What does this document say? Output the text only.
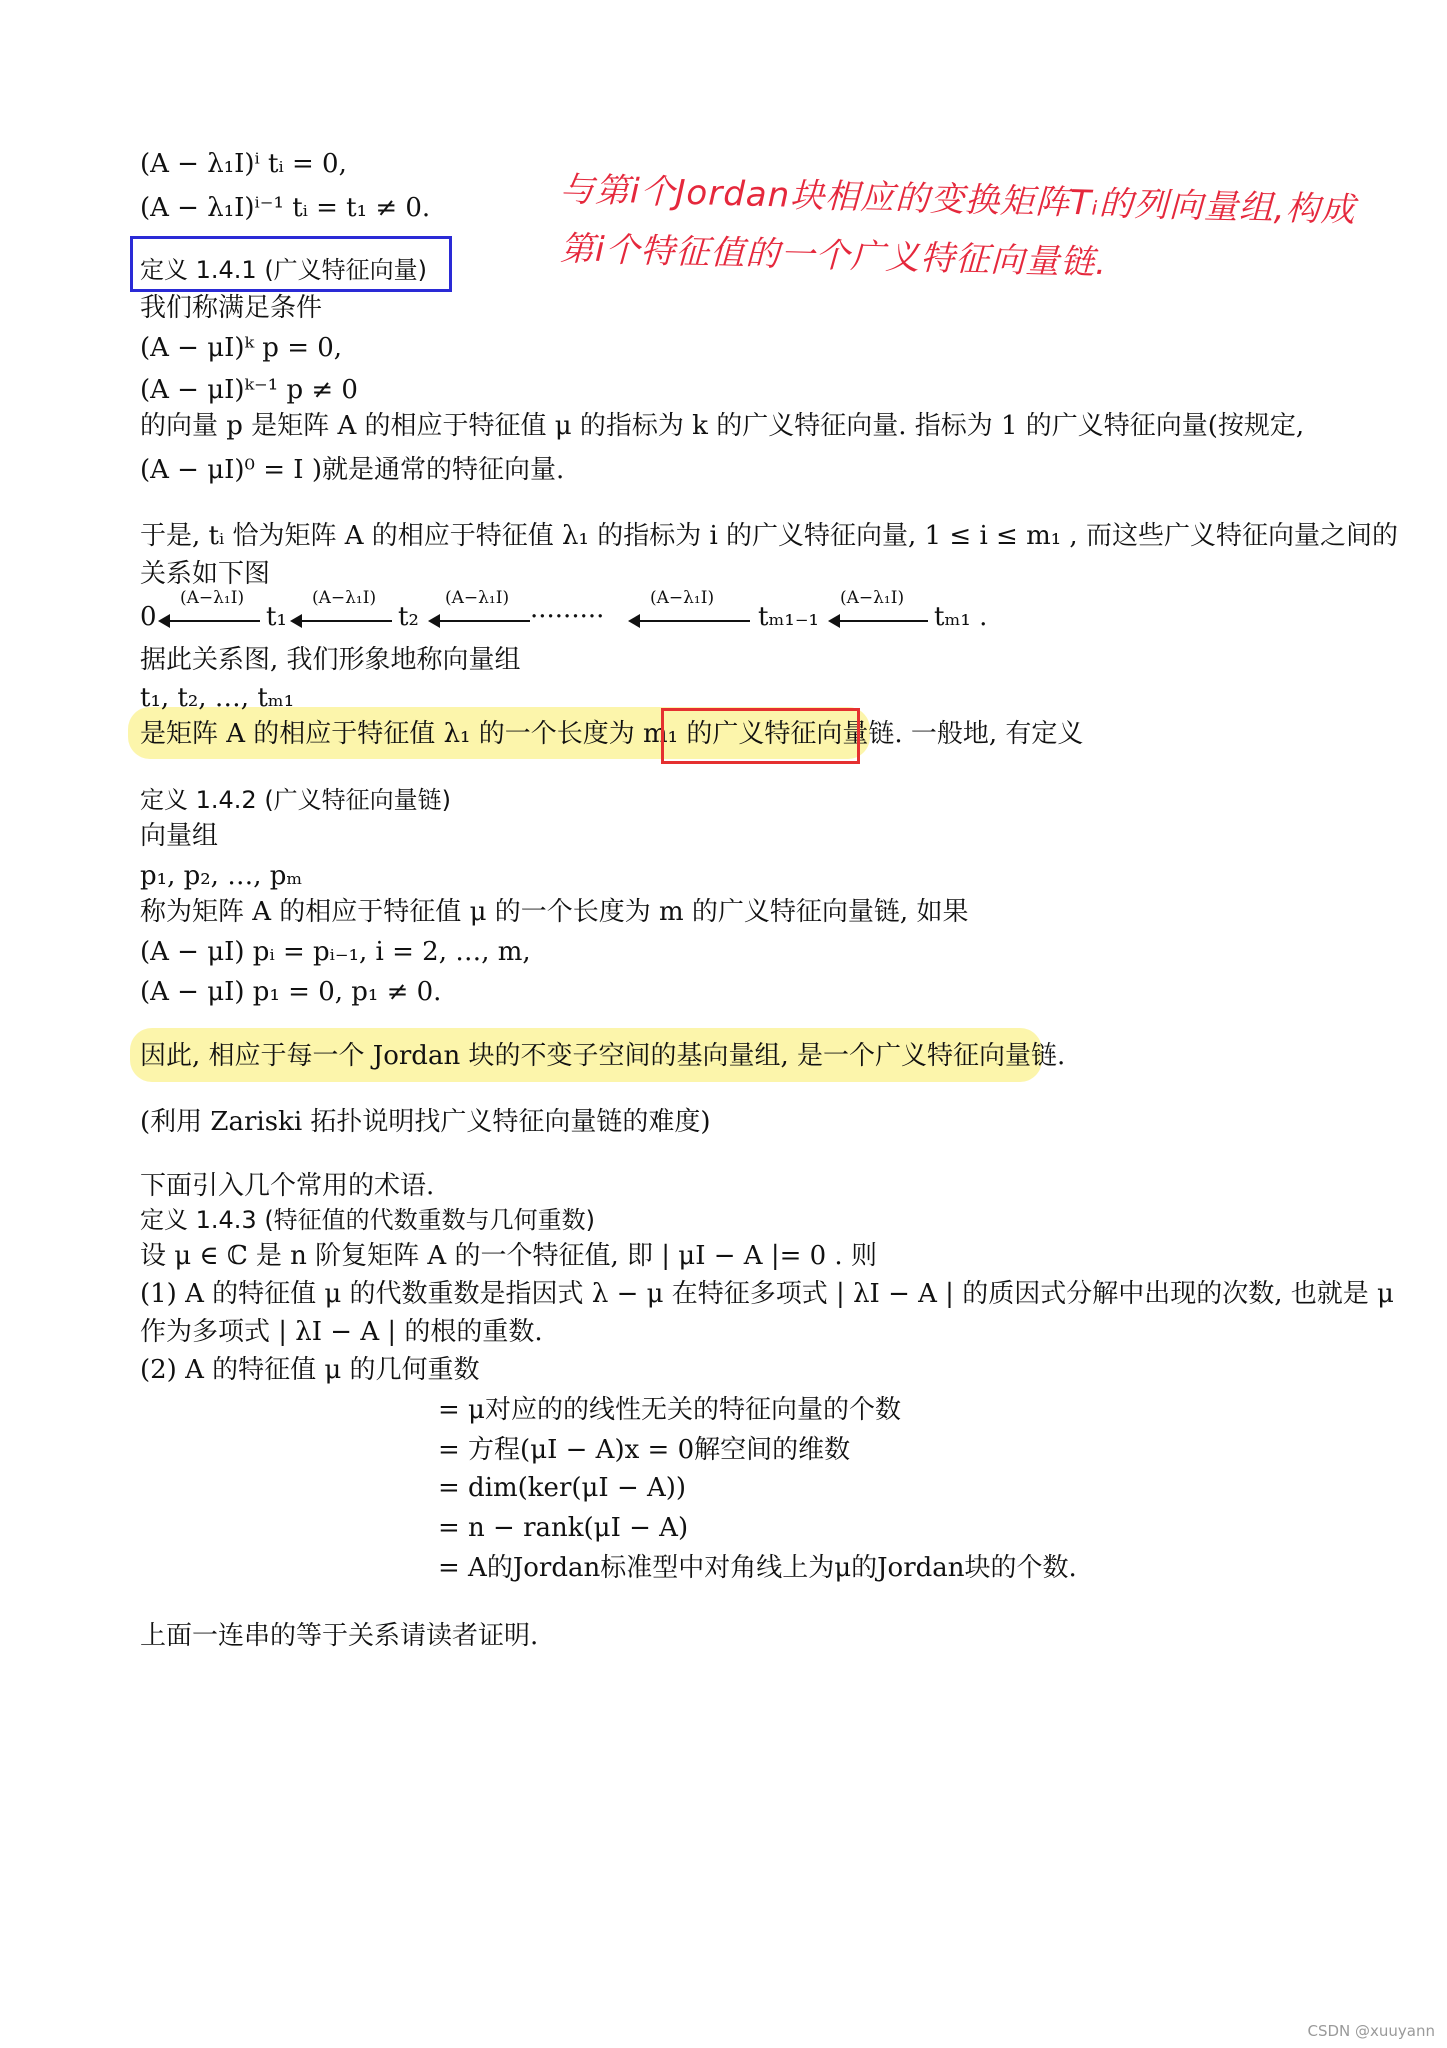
(A − λ₁I)ⁱ tᵢ = 0,
(A − λ₁I)ⁱ⁻¹ tᵢ = t₁ ≠ 0.	与第i个Jordan块相应的变换矩阵Tᵢ的列向量组,构成
第i个特征值的一个广义特征向量链.
定义 1.4.1 (广义特征向量)
我们称满足条件
(A − μI)ᵏ p = 0,
(A − μI)ᵏ⁻¹ p ≠ 0
的向量 p 是矩阵 A 的相应于特征值 μ 的指标为 k 的广义特征向量. 指标为 1 的广义特征向量(按规定,
(A − μI)⁰ = I )就是通常的特征向量.
于是, tᵢ 恰为矩阵 A 的相应于特征值 λ₁ 的指标为 i 的广义特征向量, 1 ≤ i ≤ m₁ , 而这些广义特征向量之间的
关系如下图
0
(A−λ₁I)
t₁
(A−λ₁I)
t₂
(A−λ₁I)
·········
(A−λ₁I)
tₘ₁₋₁
(A−λ₁I)
tₘ₁ .
据此关系图, 我们形象地称向量组
t₁, t₂, …, tₘ₁
是矩阵 A 的相应于特征值 λ₁ 的一个长度为 m₁ 的广义特征向量链. 一般地, 有定义
定义 1.4.2 (广义特征向量链)
向量组
p₁, p₂, …, pₘ
称为矩阵 A 的相应于特征值 μ 的一个长度为 m 的广义特征向量链, 如果
(A − μI) pᵢ = pᵢ₋₁, i = 2, …, m,
(A − μI) p₁ = 0, p₁ ≠ 0.
因此, 相应于每一个 Jordan 块的不变子空间的基向量组, 是一个广义特征向量链.
(利用 Zariski 拓扑说明找广义特征向量链的难度)
下面引入几个常用的术语.
定义 1.4.3 (特征值的代数重数与几何重数)
设 μ ∈ ℂ 是 n 阶复矩阵 A 的一个特征值, 即 | μI − A |= 0 . 则
(1) A 的特征值 μ 的代数重数是指因式 λ − μ 在特征多项式 | λI − A | 的质因式分解中出现的次数, 也就是 μ
作为多项式 | λI − A | 的根的重数.
(2) A 的特征值 μ 的几何重数
= μ对应的的线性无关的特征向量的个数
= 方程(μI − A)x = 0解空间的维数
= dim(ker(μI − A))
= n − rank(μI − A)
= A的Jordan标准型中对角线上为μ的Jordan块的个数.
上面一连串的等于关系请读者证明.
CSDN @xuuyann
